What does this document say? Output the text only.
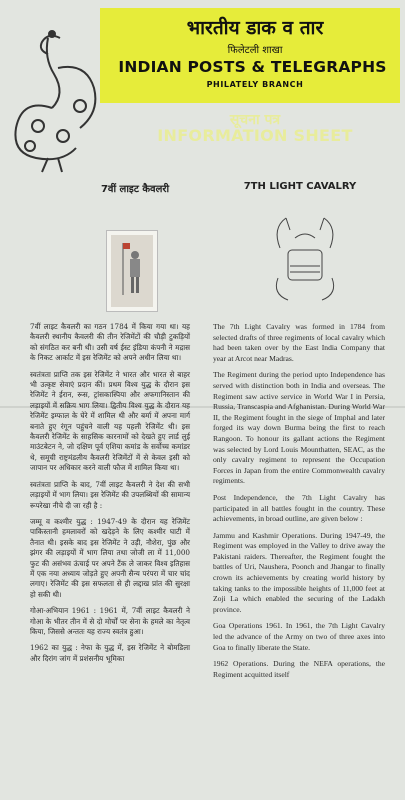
भारतीय डाक व तार
फिलेटली शाखा
INDIAN POSTS & TELEGRAPHS
PHILATELY BRANCH
सूचना पत्र
INFORMATION SHEET
7वीं लाइट कैवलरी	7TH LIGHT CAVALRY

7वीं लाइट कैवलरी का गठन 1784 में किया गया था। यह कैवलरी स्थानीय कैवलरी की तीन रेजिमेंटों की चौड़ी टुकड़ियों को संगठित कर बनी थी। उसी वर्ष ईस्ट इंडिया कंपनी ने मद्रास के निकट आर्काट में इस रेजिमेंट को अपने अधीन लिया था।

स्वतंत्रता प्राप्ति तक इस रेजिमेंट ने भारत और भारत से बाहर भी उत्कृष्ट सेवाएं प्रदान कीं। प्रथम विश्व युद्ध के दौरान इस रेजिमेंट ने ईरान, रूस, ट्रांसकास्पिया और अफगानिस्तान की लड़ाइयों में सक्रिय भाग लिया। द्वितीय विश्व युद्ध के दौरान यह रेजिमेंट इम्फाल के घेरे में शामिल थी और बर्मा में अपना मार्ग बनाते हुए रंगून पहुंचने वाली यह पहली रेजिमेंट थी। इस कैवलरी रेजिमेंट के साहसिक कारनामों को देखते हुए लार्ड लुई माउंटबेटन ने, जो दक्षिण पूर्व एशिया कमांड के सर्वोच्च कमांडर थे, समूची राष्ट्रमंडलीय कैवलरी रेजिमेंटों में से केवल इसी को जापान पर अधिकार करने वाली फौज में शामिल किया था।

स्वतंत्रता प्राप्ति के बाद, 7वीं लाइट कैवलरी ने देश की सभी लड़ाइयों में भाग लिया। इस रेजिमेंट की उपलब्धियों की सामान्य रूपरेखा नीचे दी जा रही है :

जम्मू व कश्मीर युद्ध : 1947-49 के दौरान यह रेजिमेंट पाकिस्तानी हमलावरों को खदेड़ने के लिए कश्मीर घाटी में तैनात थी। इसके बाद इस रेजिमेंट ने उड़ी, नौशेरा, पुंछ और झंगर की लड़ाइयों में भाग लिया तथा जोजी ला में 11,000 फुट की असंभव ऊंचाई पर अपने टैंक ले जाकर विश्व इतिहास में एक नया अध्याय जोड़ते हुए अपनी सैन्य परंपरा में चार चांद लगाए। रेजिमेंट की इस सफलता से ही लद्दाख प्रांत की सुरक्षा हो सकी थी।

गोआ-अभियान 1961 : 1961 में, 7वीं लाइट कैवलरी ने गोआ के भीतर तीन में से दो मोर्चों पर सेना के हमले का नेतृत्व किया, जिससे अन्ततः यह राज्य स्वतंत्र हुआ।

1962 का युद्ध : नेफा के युद्ध में, इस रेजिमेंट ने बोमडिला और दिरांग जांग में प्रशंसनीय भूमिका

The 7th Light Cavalry was formed in 1784 from selected drafts of three regiments of local cavalry which had been taken over by the East India Company that year at Arcot near Madras.

The Regiment during the period upto Independence has served with distinction both in India and overseas. The Regiment saw active service in World War I in Persia, Russia, Transcaspia and Afghanistan. During World War II, the Regiment fought in the siege of Imphal and later forged its way down Burma being the first to reach Rangoon. To honour its gallant actions the Regiment was selected by Lord Louis Mounthatten, SEAC, as the only cavalry regiment to represent the Occupation Forces in Japan from the entire Commonwealth cavalry regiments.

Post Independence, the 7th Light Cavalry has participated in all battles fought in the country. These achievements, in broad outline, are given below :

Jammu and Kashmir Operations. During 1947-49, the Regiment was employed in the Valley to drive away the Pakistani raiders. Thereafter, the Regiment fought the battles of Uri, Naushera, Poonch and Jhangar to finally crown its achievements by creating world history by taking tanks to the impossible heights of 11,000 feet at Zoji La which enabled the securing of the Ladakh province.

Goa Operations 1961. In 1961, the 7th Light Cavalry led the advance of the Army on two of three axes into Goa to finally liberate the State.

1962 Operations. During the NEFA operations, the Regiment acquitted itself
